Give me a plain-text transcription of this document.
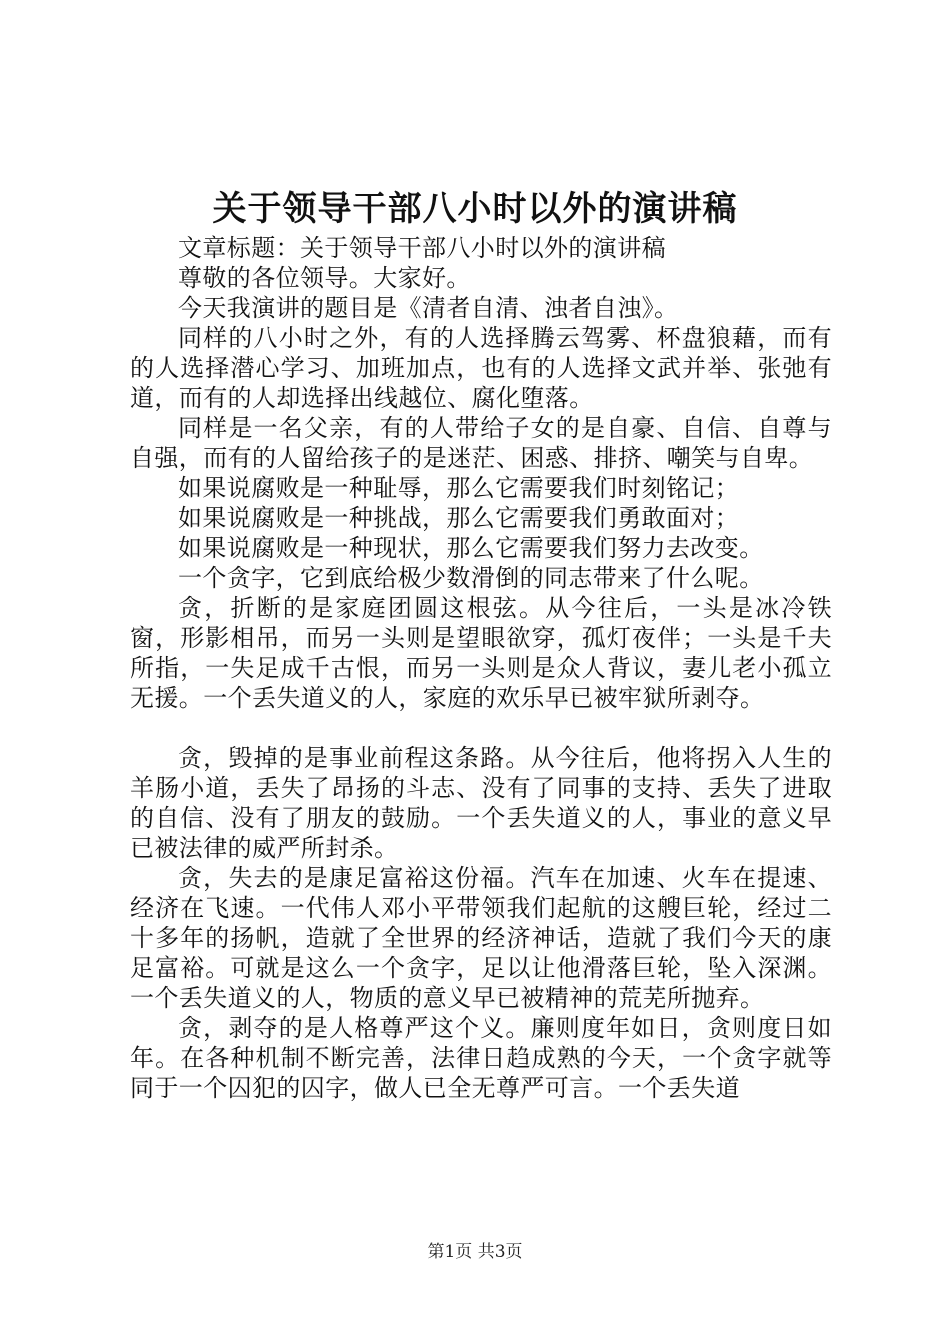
关于领导干部八小时以外的演讲稿

文章标题：关于领导干部八小时以外的演讲稿

尊敬的各位领导。大家好。

今天我演讲的题目是《清者自清、浊者自浊》。

同样的八小时之外，有的人选择腾云驾雾、杯盘狼藉，而有的人选择潜心学习、加班加点，也有的人选择文武并举、张弛有道，而有的人却选择出线越位、腐化堕落。

同样是一名父亲，有的人带给子女的是自豪、自信、自尊与自强，而有的人留给孩子的是迷茫、困惑、排挤、嘲笑与自卑。

如果说腐败是一种耻辱，那么它需要我们时刻铭记；

如果说腐败是一种挑战，那么它需要我们勇敢面对；

如果说腐败是一种现状，那么它需要我们努力去改变。

一个贪字，它到底给极少数滑倒的同志带来了什么呢。

贪，折断的是家庭团圆这根弦。从今往后，一头是冰冷铁窗，形影相吊，而另一头则是望眼欲穿，孤灯夜伴；一头是千夫所指，一失足成千古恨，而另一头则是众人背议，妻儿老小孤立无援。一个丢失道义的人，家庭的欢乐早已被牢狱所剥夺。

贪，毁掉的是事业前程这条路。从今往后，他将拐入人生的羊肠小道，丢失了昂扬的斗志、没有了同事的支持、丢失了进取的自信、没有了朋友的鼓励。一个丢失道义的人，事业的意义早已被法律的威严所封杀。

贪，失去的是康足富裕这份福。汽车在加速、火车在提速、经济在飞速。一代伟人邓小平带领我们起航的这艘巨轮，经过二十多年的扬帆，造就了全世界的经济神话，造就了我们今天的康足富裕。可就是这么一个贪字，足以让他滑落巨轮，坠入深渊。一个丢失道义的人，物质的意义早已被精神的荒芜所抛弃。

贪，剥夺的是人格尊严这个义。廉则度年如日，贪则度日如年。在各种机制不断完善，法律日趋成熟的今天，一个贪字就等同于一个囚犯的囚字，做人已全无尊严可言。一个丢失道

第1页 共3页
